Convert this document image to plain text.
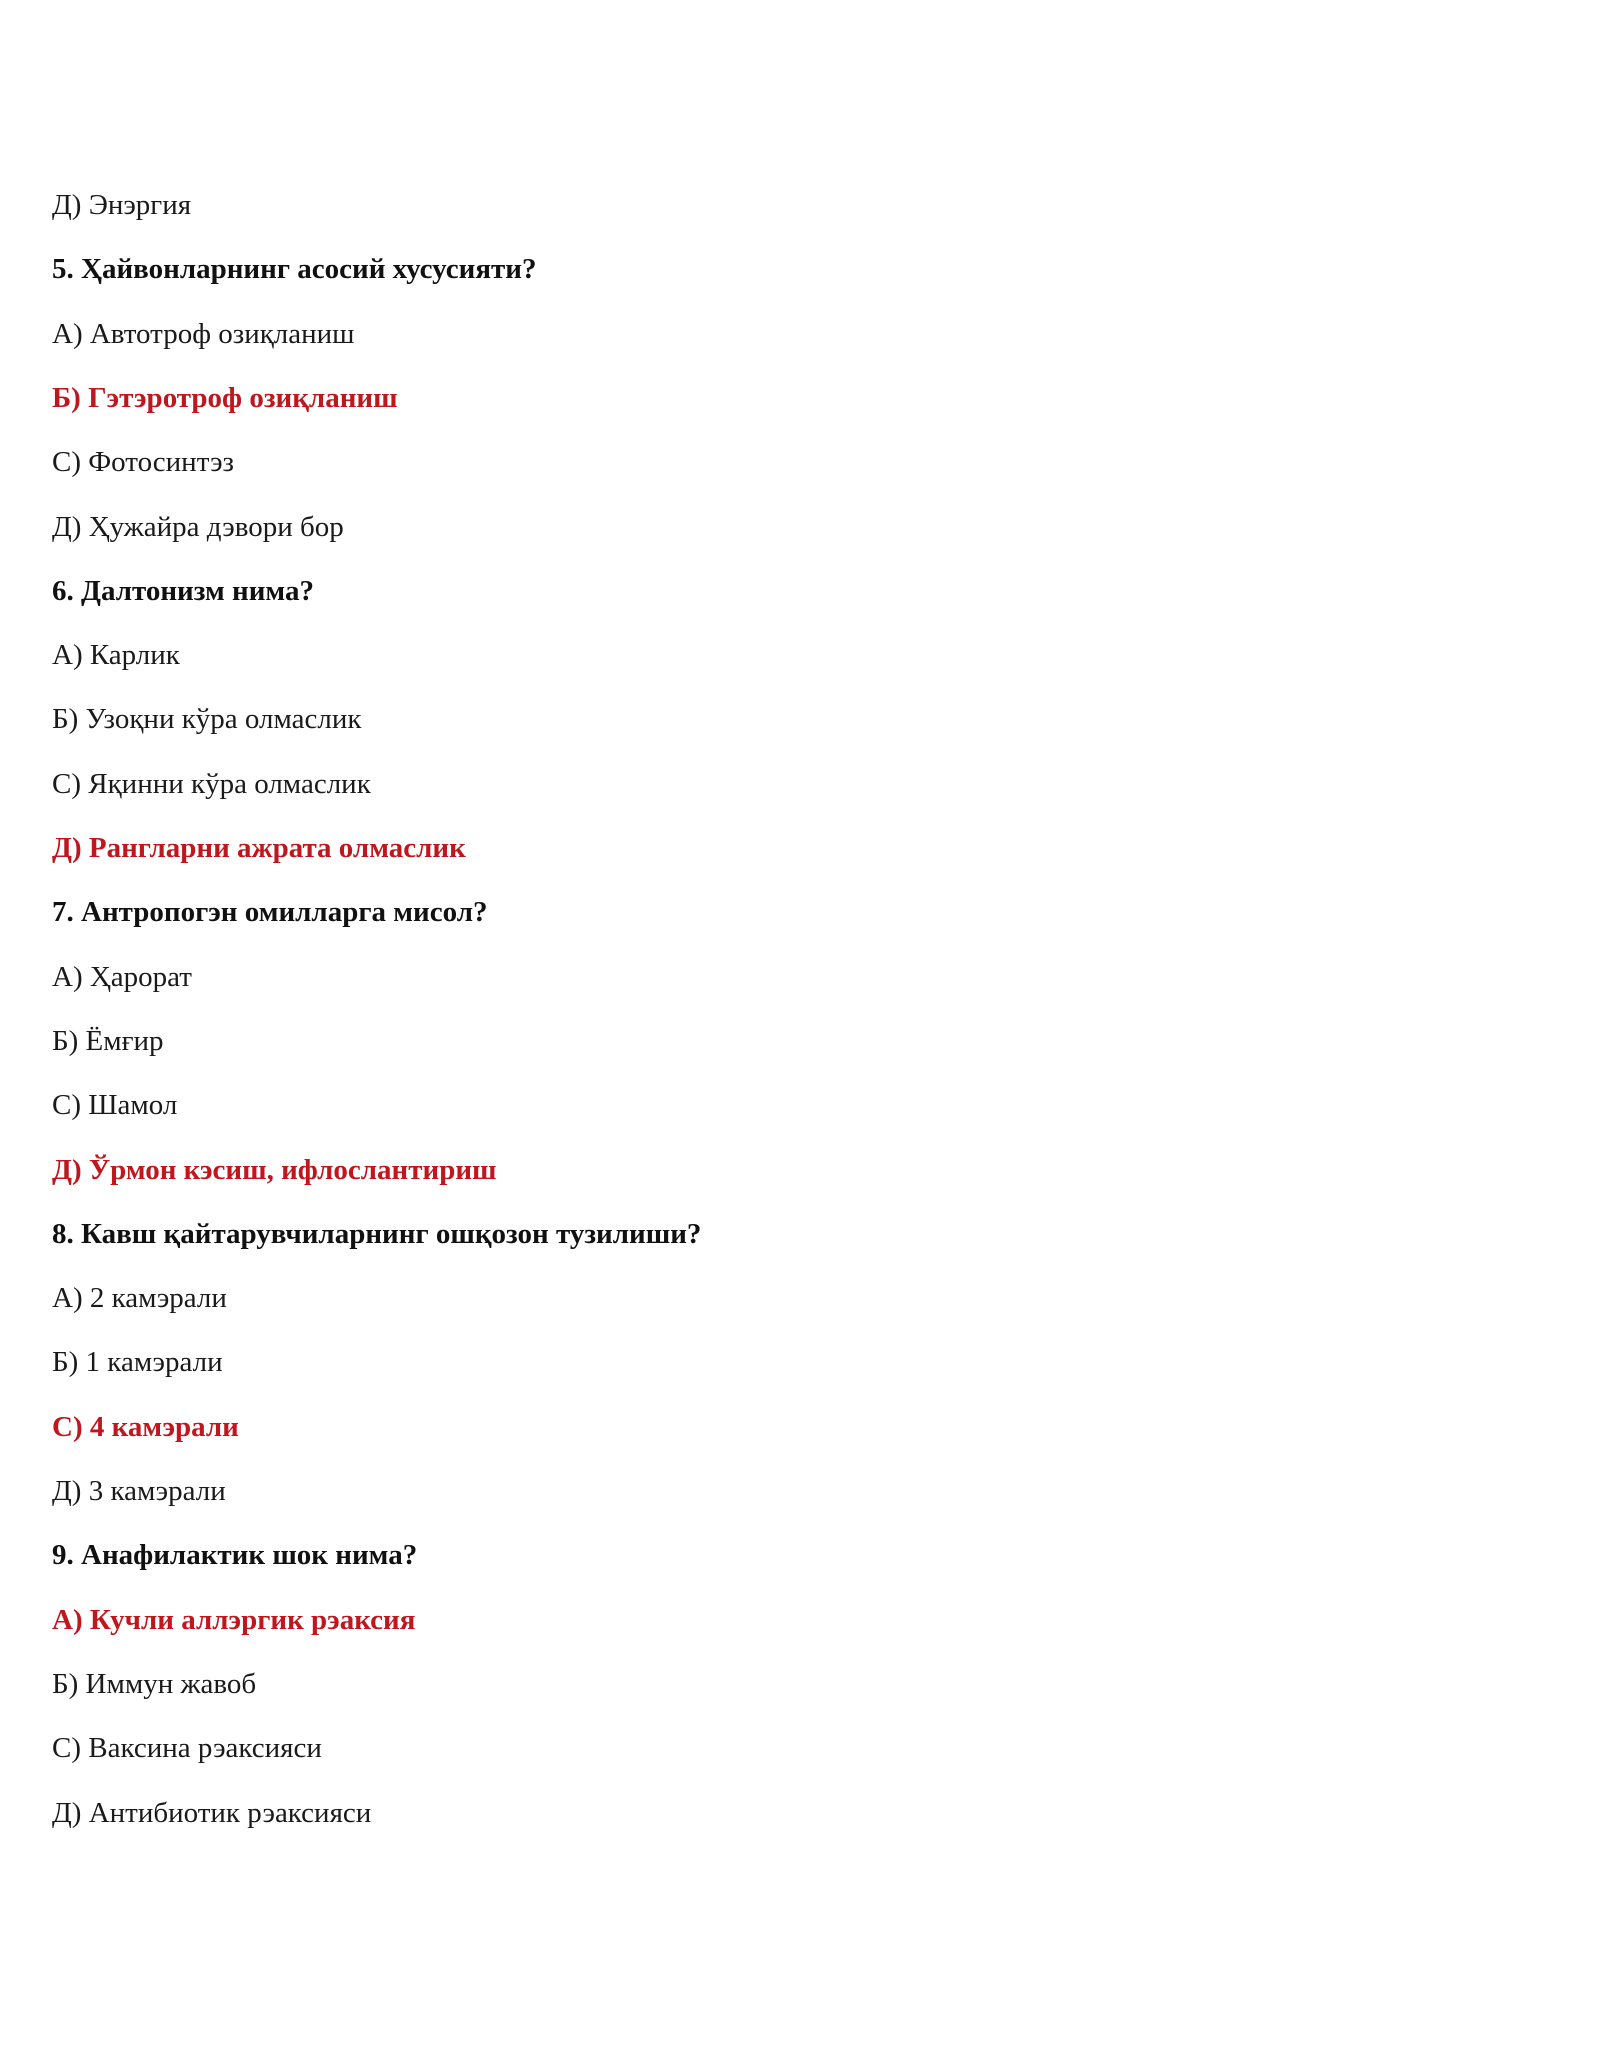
Д) Энэргия

5. Ҳайвонларнинг асосий хусусияти?

А) Автотроф озиқланиш

Б) Гэтэротроф озиқланиш

С) Фотосинтэз

Д) Ҳужайра дэвори бор

6. Далтонизм нима?

А) Карлик

Б) Узоқни кўра олмаслик

С) Яқинни кўра олмаслик

Д) Рангларни ажрата олмаслик

7. Антропогэн омилларга мисол?

А) Ҳарорат

Б) Ёмғир

С) Шамол

Д) Ўрмон кэсиш, ифлослантириш

8. Кавш қайтарувчиларнинг ошқозон тузилиши?

А) 2 камэрали

Б) 1 камэрали

С) 4 камэрали

Д) 3 камэрали

9. Анафилактик шок нима?

А) Кучли аллэргик рэаксия

Б) Иммун жавоб

С) Ваксина рэаксияси

Д) Антибиотик рэаксияси
